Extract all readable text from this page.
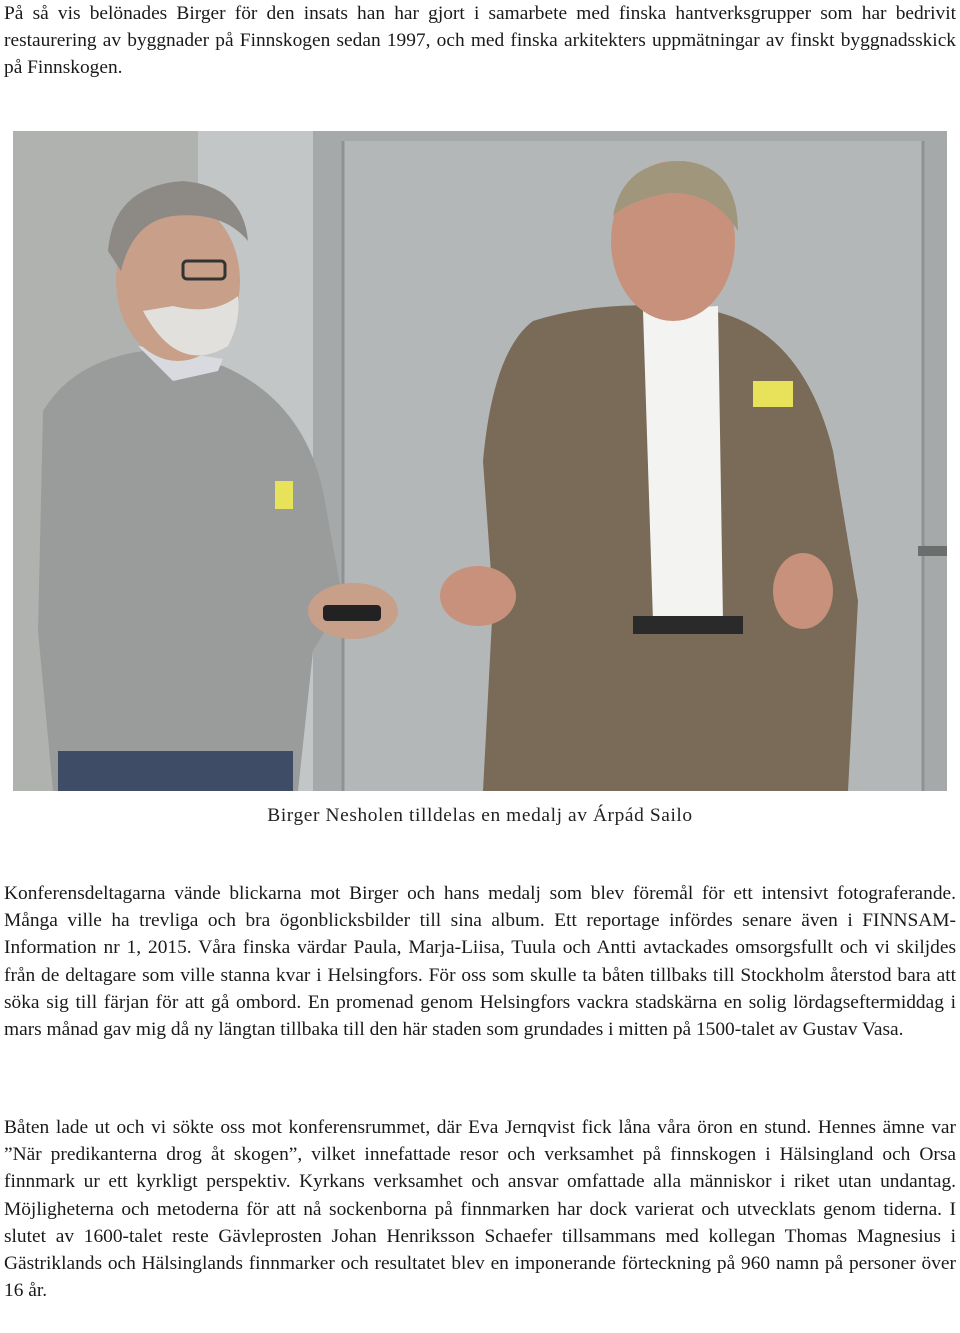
På så vis belönades Birger för den insats han har gjort i samarbete med finska hantverksgrupper som har bedrivit restaurering av byggnader på Finnskogen sedan 1997, och med finska arkitekters uppmätningar av finskt byggnadsskick på Finnskogen.

Birger Nesholen tilldelas en medalj av Árpád Sailo

Konferensdeltagarna vände blickarna mot Birger och hans medalj som blev föremål för ett intensivt fotograferande. Många ville ha trevliga och bra ögonblicksbilder till sina album. Ett reportage infördes senare även i FINNSAM-Information nr 1, 2015. Våra finska värdar Paula, Marja-Liisa, Tuula och Antti avtackades omsorgsfullt och vi skiljdes från de deltagare som ville stanna kvar i Helsingfors. För oss som skulle ta båten tillbaks till Stockholm återstod bara att söka sig till färjan för att gå ombord. En promenad genom Helsingfors vackra stadskärna en solig lördagseftermiddag i mars månad gav mig då ny längtan tillbaka till den här staden som grundades i mitten på 1500-talet av Gustav Vasa.

Båten lade ut och vi sökte oss mot konferensrummet, där Eva Jernqvist fick låna våra öron en stund. Hennes ämne var ”När predikanterna drog åt skogen”, vilket innefattade resor och verksamhet på finnskogen i Hälsingland och Orsa finnmark ur ett kyrkligt perspektiv. Kyrkans verksamhet och ansvar omfattade alla människor i riket utan undantag. Möjligheterna och metoderna för att nå sockenborna på finnmarken har dock varierat och utvecklats genom tiderna. I slutet av 1600-talet reste Gävleprosten Johan Henriksson Schaefer tillsammans med kollegan Thomas Magnesius i Gästriklands och Hälsinglands finnmarker och resultatet blev en imponerande förteckning på 960 namn på personer över 16 år.
